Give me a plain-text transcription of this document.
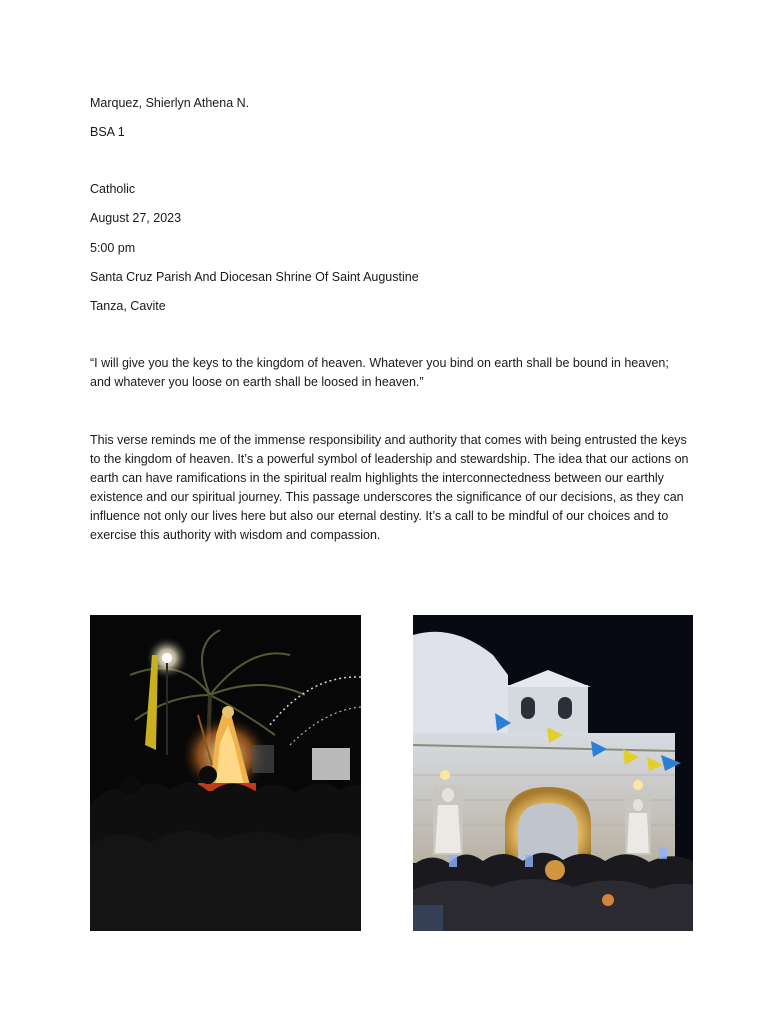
Marquez, Shierlyn Athena N.
BSA 1
Catholic
August 27, 2023
5:00 pm
Santa Cruz Parish And Diocesan Shrine Of Saint Augustine
Tanza, Cavite
“I will give you the keys to the kingdom of heaven. Whatever you bind on earth shall be bound in heaven; and whatever you loose on earth shall be loosed in heaven.”
This verse reminds me of the immense responsibility and authority that comes with being entrusted the keys to the kingdom of heaven. It’s a powerful symbol of leadership and stewardship. The idea that our actions on earth can have ramifications in the spiritual realm highlights the interconnectedness between our earthly existence and our spiritual journey. This passage underscores the significance of our decisions, as they can influence not only our lives here but also our eternal destiny. It’s a call to be mindful of our choices and to exercise this authority with wisdom and compassion.
